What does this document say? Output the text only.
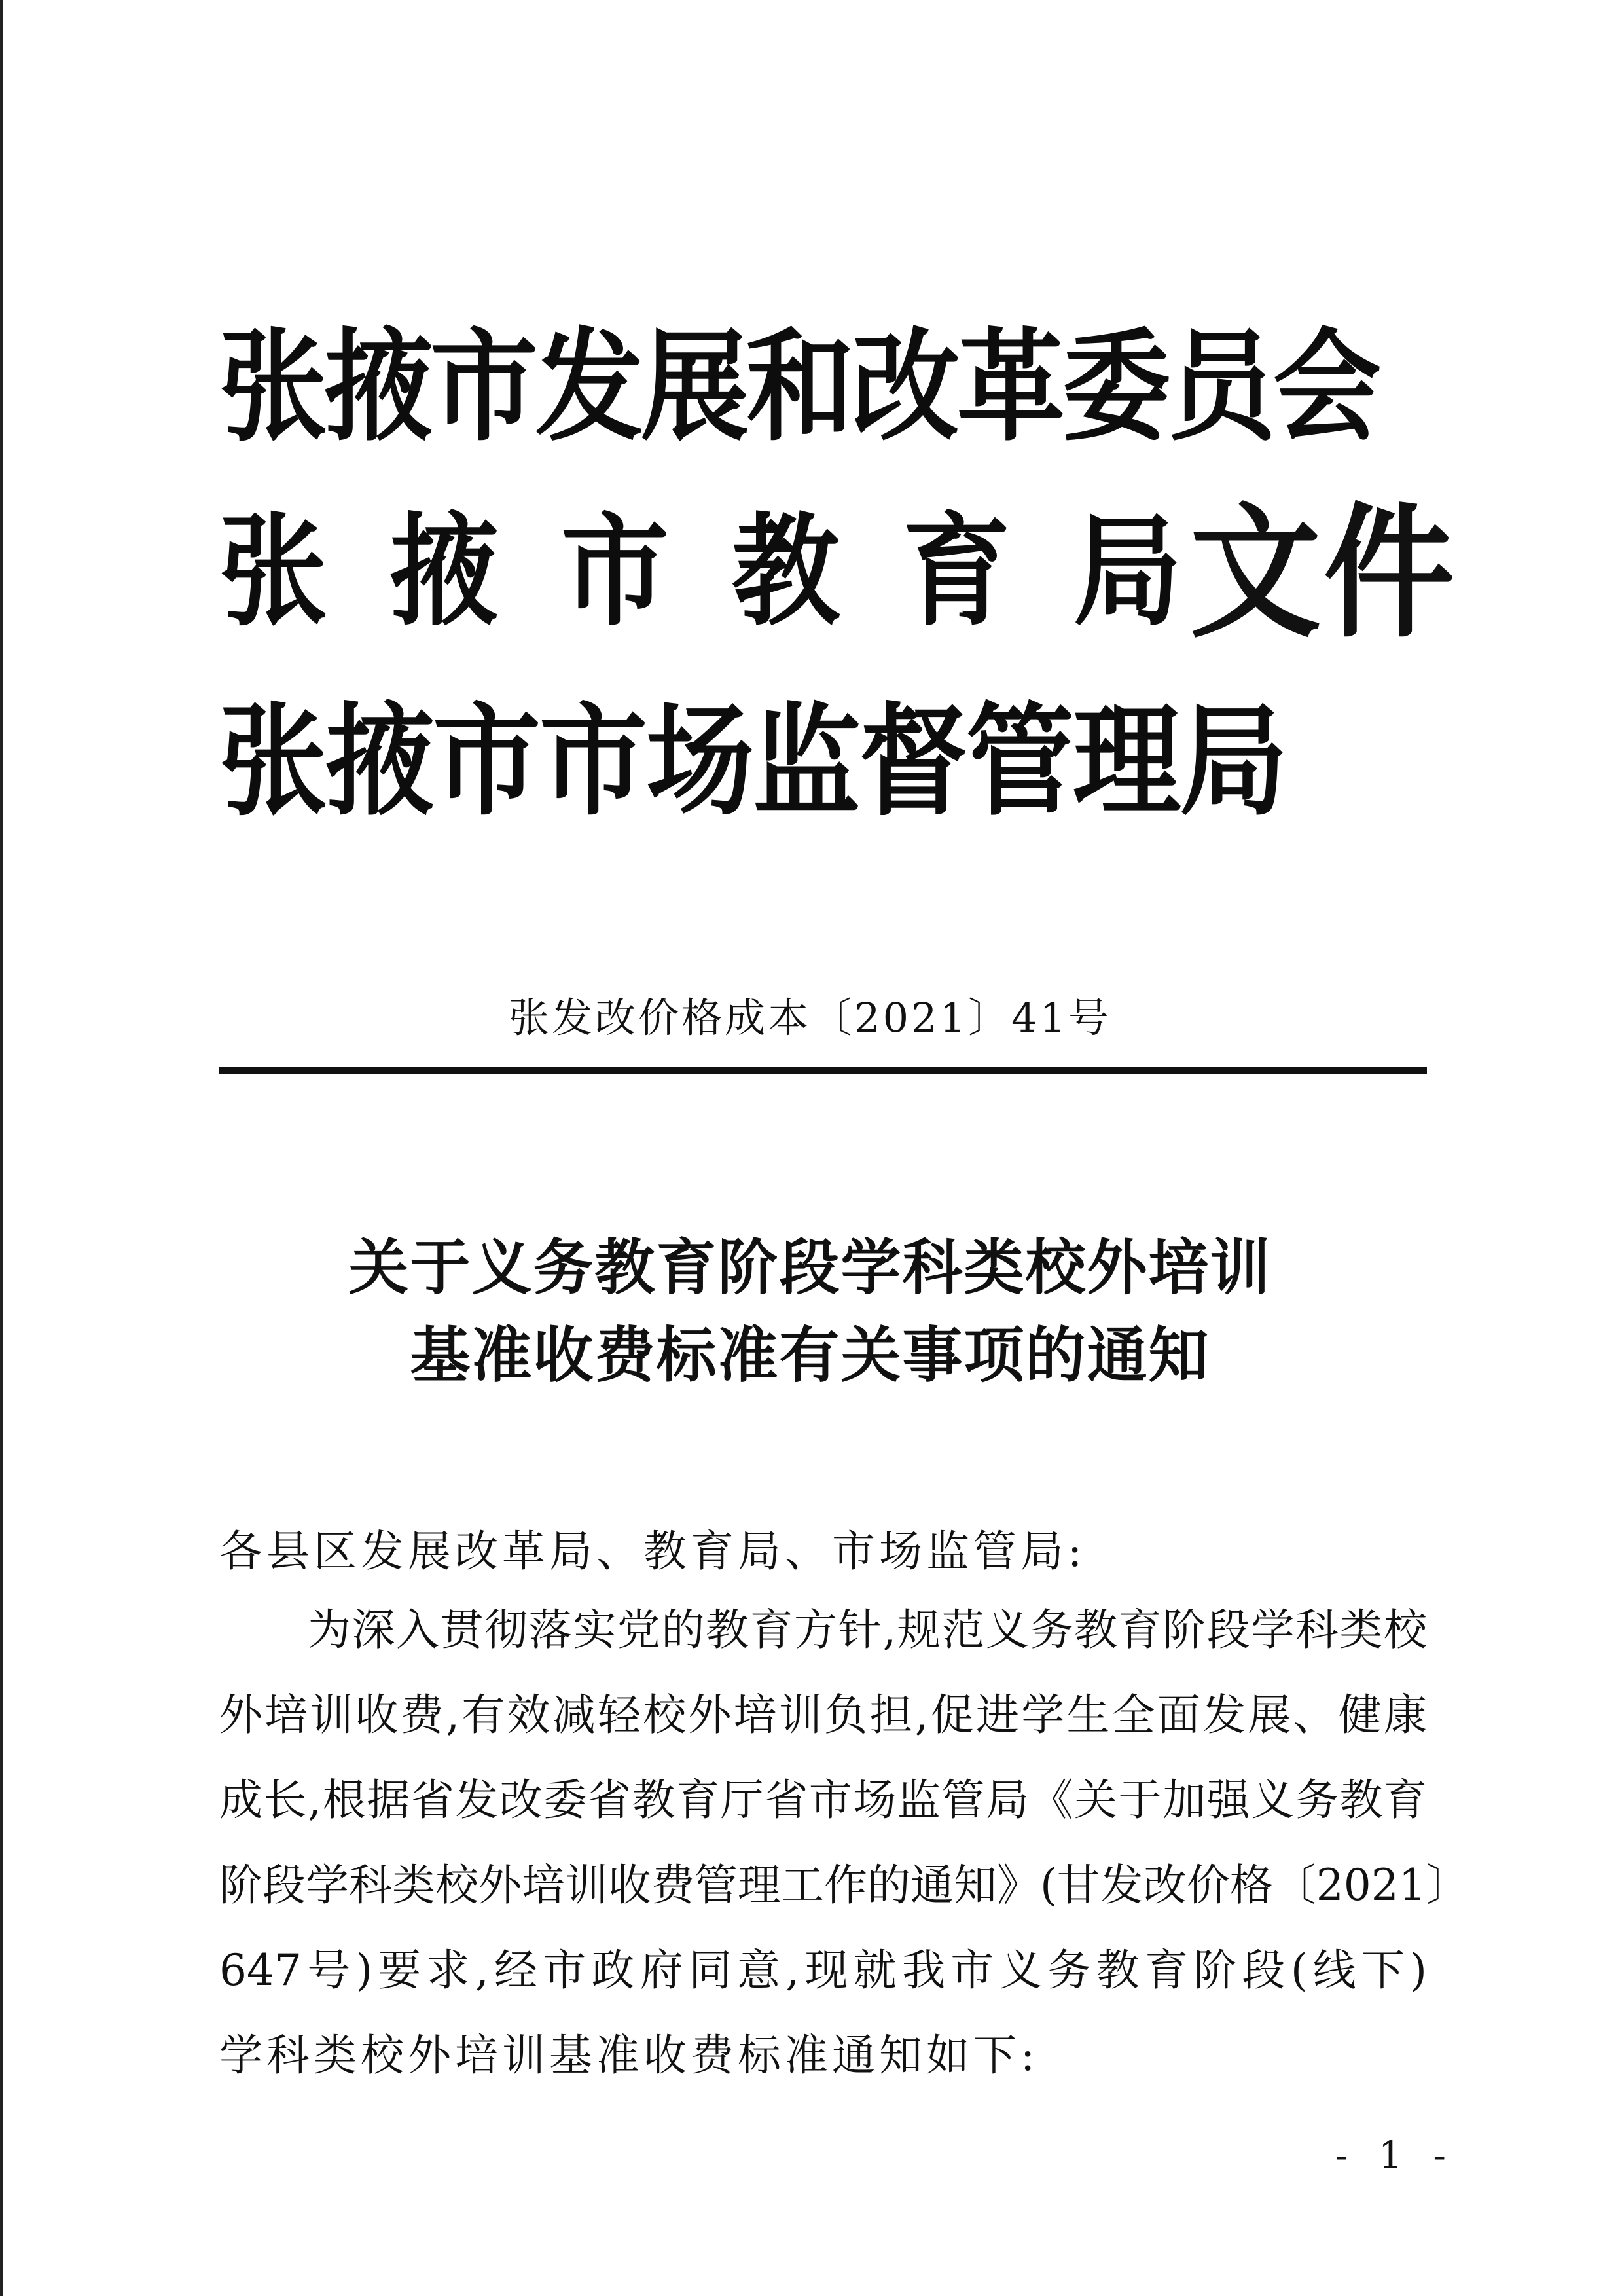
张掖市发展和改革委员会
张掖市教育局
张掖市市场监督管理局
文件
张发改价格成本〔2021〕41号
关于义务教育阶段学科类校外培训
基准收费标准有关事项的通知
各县区发展改革局、教育局、市场监管局:
为深入贯彻落实党的教育方针,规范义务教育阶段学科类校
外培训收费,有效减轻校外培训负担,促进学生全面发展、健康
成长,根据省发改委省教育厅省市场监管局《关于加强义务教育
阶段学科类校外培训收费管理工作的通知》(甘发改价格〔2021〕
647号)要求,经市政府同意,现就我市义务教育阶段(线下)
学科类校外培训基准收费标准通知如下:
- 1 -
